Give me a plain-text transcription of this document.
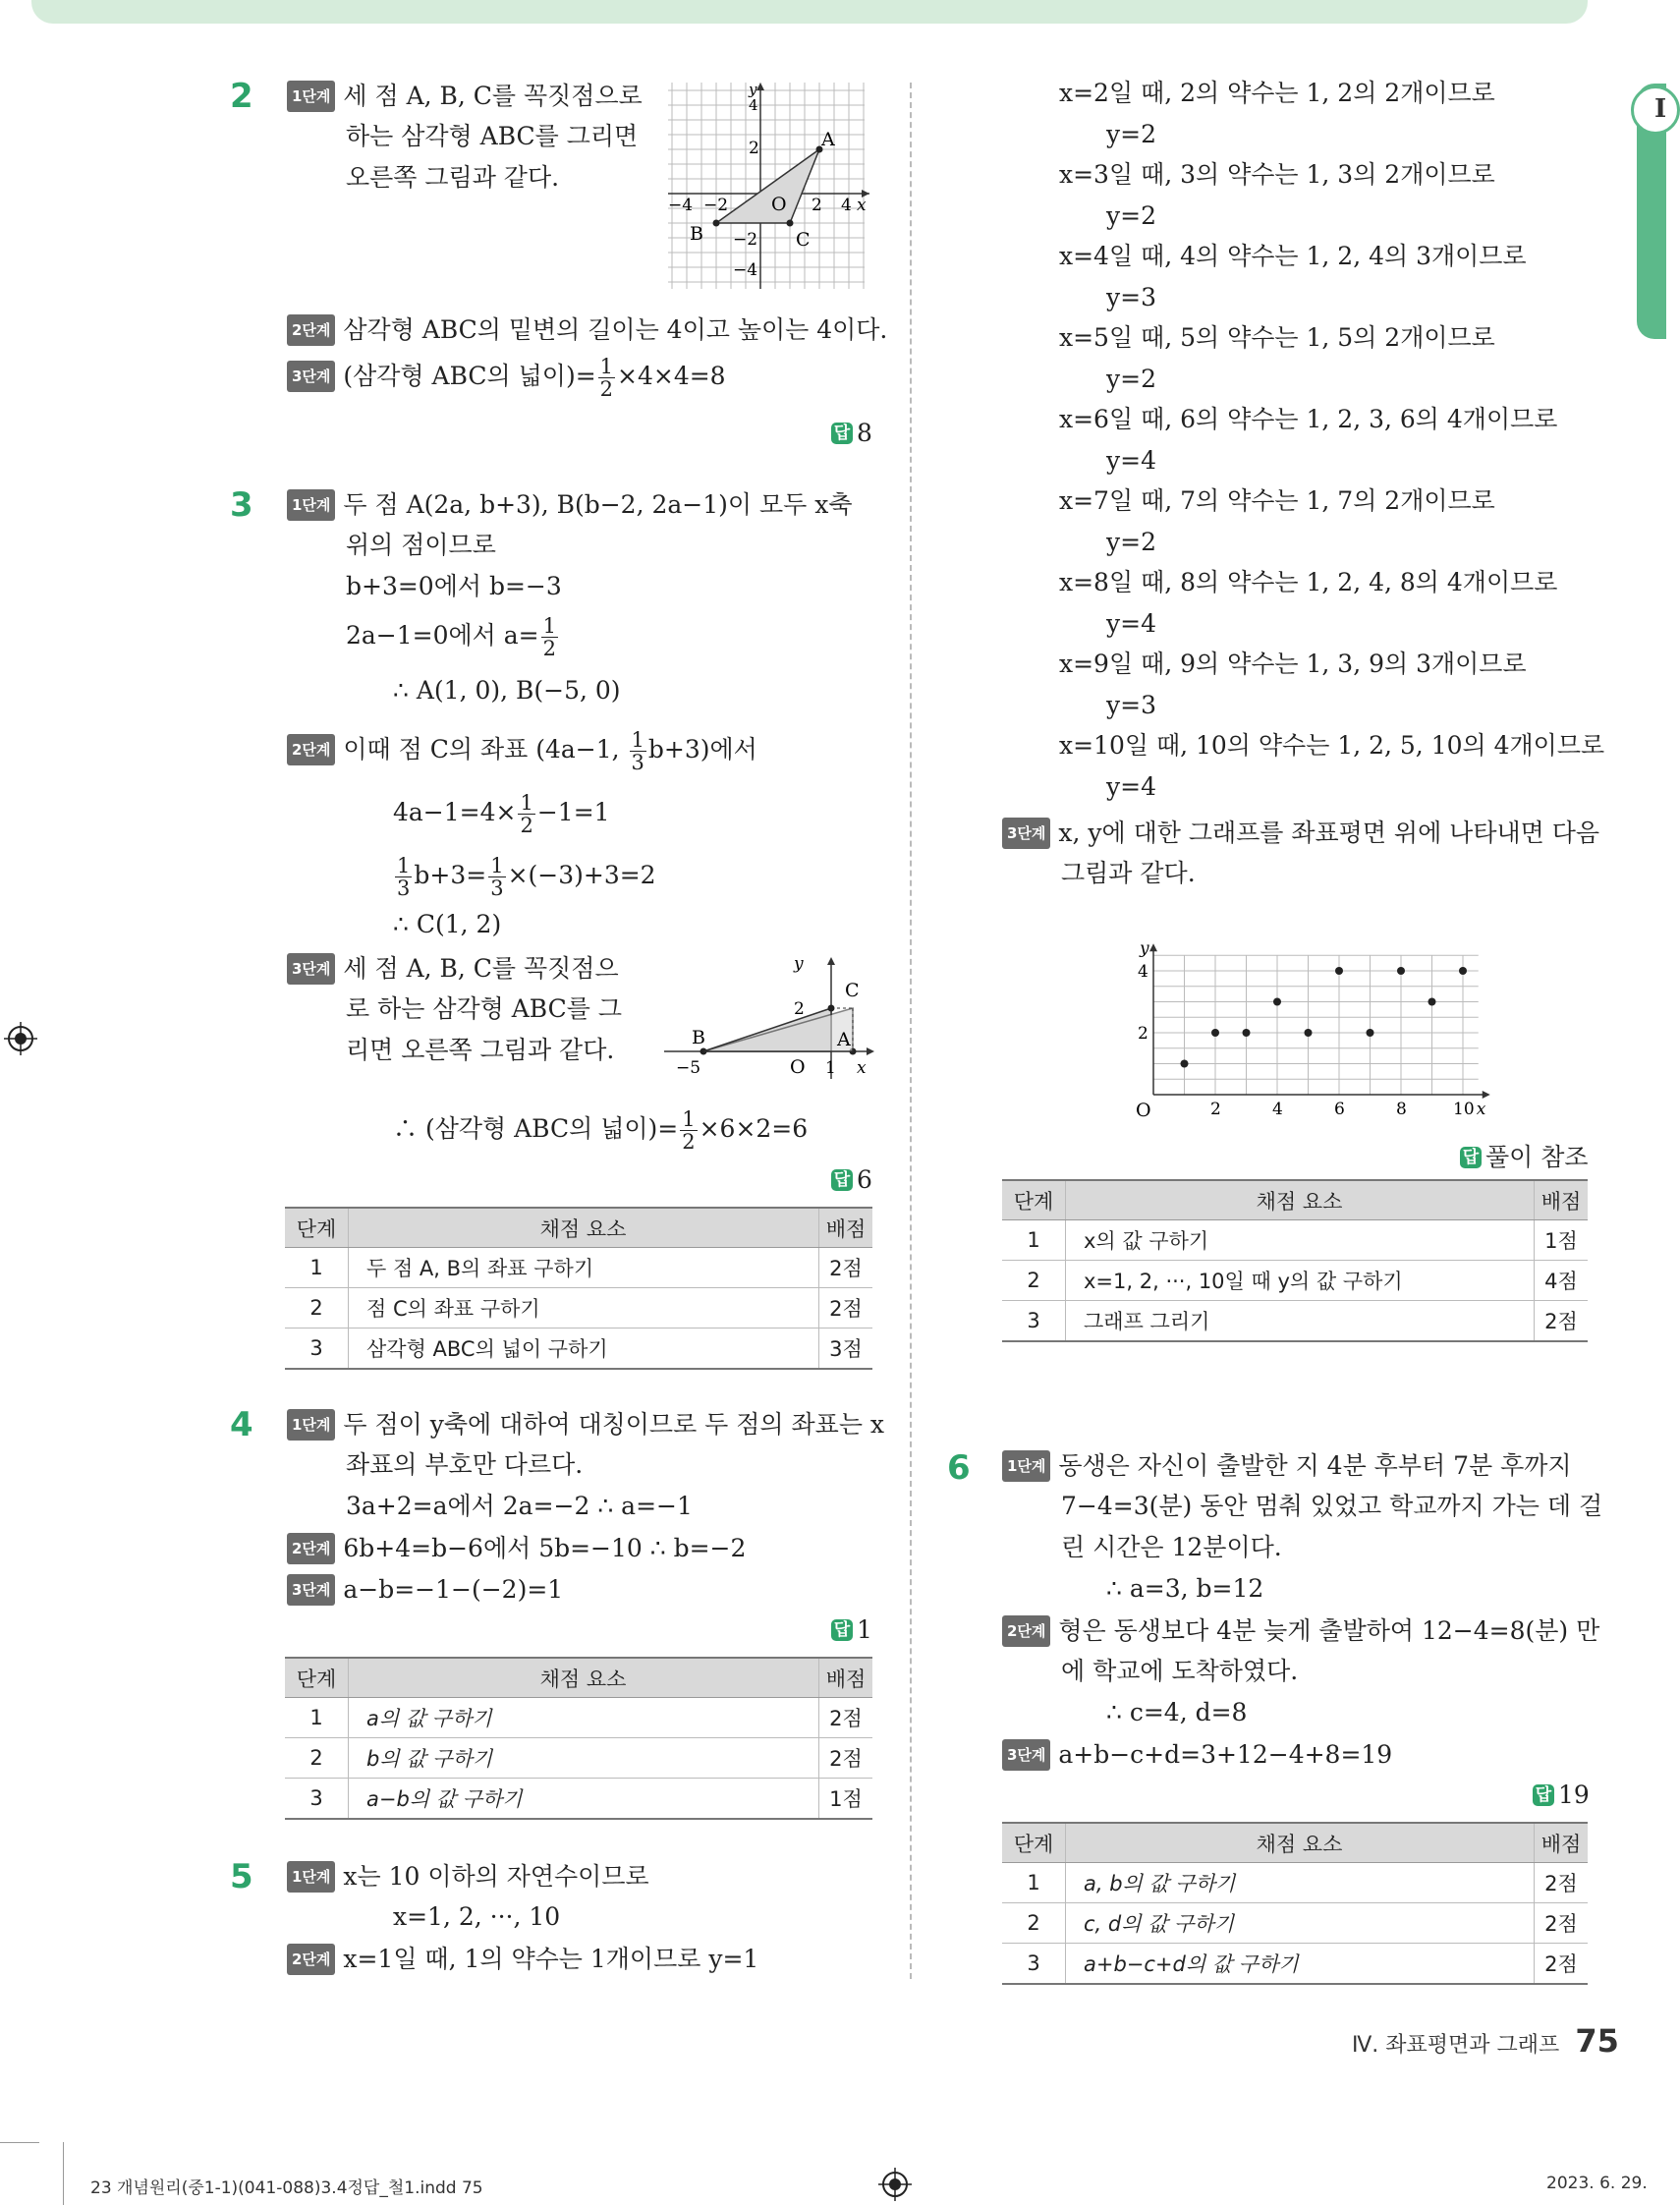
I
2	1단계 세 점 A, B, C를 꼭짓점으로
하는 삼각형 ABC를 그리면
오른쪽 그림과 같다.
y
4
2
−4 −2 O 2 4 x
A
B	C
−2
−4
2단계 삼각형 ABC의 밑변의 길이는 4이고 높이는 4이다.
3단계 (삼각형 ABC의 넓이)= $\frac{1}{2} \times 4\times 4=8$
답 8
3	1단계 두 점 A(2a, b+3), B(b−2, 2a−1)이 모두 x축
위의 점이므로
b+3=0에서 b=−3
2a−1=0에서 $a= \frac{1}{2}$
∴ A(1, 0), B(−5, 0)
2단계 이때 점 C의 좌표 (4a−1, $\frac{1}{3} b+3$)에서
$4a-1=4\times \frac{1}{2} -1=1$
$\frac{1}{3} b+3= \frac{1}{3} \times(-3)+3=2$
∴ C(1, 2)
3단계 세 점 A, B, C를 꼭짓점으
로 하는 삼각형 ABC를 그
리면 오른쪽 그림과 같다.
y
C
2
B	A
−5	O 1 x
∴ (삼각형 ABC의 넓이)= $\frac{1}{2} \times 6\times 2=6$
답 6
단계	채점 요소	배점
1	두 점 A, B의 좌표 구하기	2점
2	점 C의 좌표 구하기	2점
3	삼각형 ABC의 넓이 구하기	3점
4	1단계 두 점이 y축에 대하여 대칭이므로 두 점의 좌표는 x
좌표의 부호만 다르다.
3a+2=a에서 2a=−2 ∴ a=−1
2단계 6b+4=b−6에서 5b=−10 ∴ b=−2
3단계 a−b=−1−(−2)=1
답 1
단계	채점 요소	배점
1	a의 값 구하기	2점
2	b의 값 구하기	2점
3	a−b의 값 구하기	1점
5	1단계 x는 10 이하의 자연수이므로
x=1, 2, ···, 10
2단계 x=1일 때, 1의 약수는 1개이므로 y=1
x=2일 때, 2의 약수는 1, 2의 2개이므로
y=2
x=3일 때, 3의 약수는 1, 3의 2개이므로
y=2
x=4일 때, 4의 약수는 1, 2, 4의 3개이므로
y=3
x=5일 때, 5의 약수는 1, 5의 2개이므로
y=2
x=6일 때, 6의 약수는 1, 2, 3, 6의 4개이므로
y=4
x=7일 때, 7의 약수는 1, 7의 2개이므로
y=2
x=8일 때, 8의 약수는 1, 2, 4, 8의 4개이므로
y=4
x=9일 때, 9의 약수는 1, 3, 9의 3개이므로
y=3
x=10일 때, 10의 약수는 1, 2, 5, 10의 4개이므로
y=4
3단계 x, y에 대한 그래프를 좌표평면 위에 나타내면 다음
그림과 같다.
y
x
O
4
2
2	4	6	8	10
답 풀이 참조
단계	채점 요소	배점
1	x의 값 구하기	1점
2	x=1, 2, ···, 10일 때 y의 값 구하기	4점
3	그래프 그리기	2점
6	1단계 동생은 자신이 출발한 지 4분 후부터 7분 후까지
7−4=3(분) 동안 멈춰 있었고 학교까지 가는 데 걸
린 시간은 12분이다.
∴ a=3, b=12
2단계 형은 동생보다 4분 늦게 출발하여 12−4=8(분) 만
에 학교에 도착하였다.
∴ c=4, d=8
3단계 a+b−c+d=3+12−4+8=19
답 19
단계	채점 요소	배점
1	a, b의 값 구하기	2점
2	c, d의 값 구하기	2점
3	a+b−c+d의 값 구하기	2점
Ⅳ. 좌표평면과 그래프 75
23 개념원리(중1-1)(041-088)3.4정답_철1.indd 75	2023. 6. 29.
